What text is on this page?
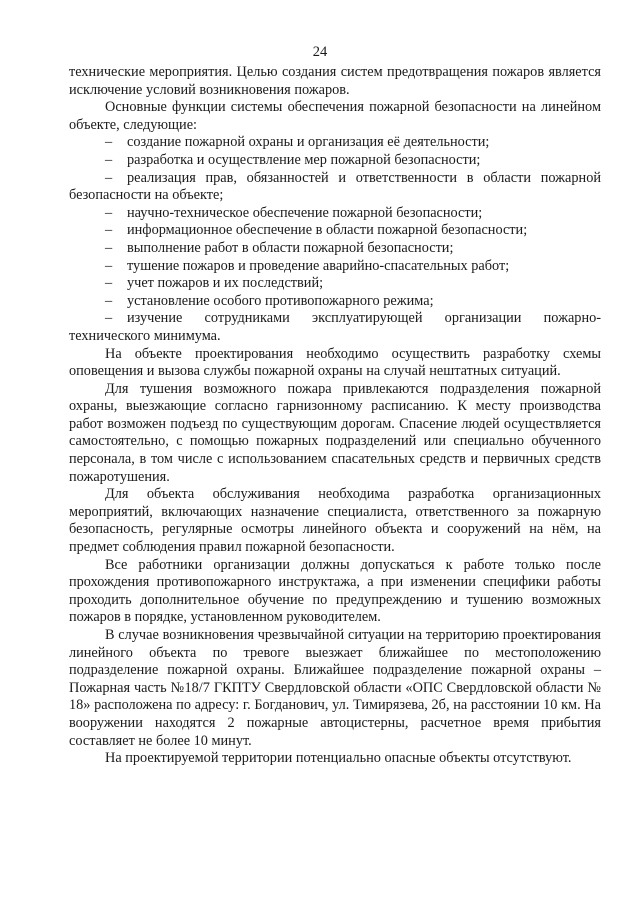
24

технические мероприятия. Целью создания систем предотвращения пожаров является исключение условий возникновения пожаров.

Основные функции системы обеспечения пожарной безопасности на линейном объекте, следующие:

– создание пожарной охраны и организация её деятельности;
– разработка и осуществление мер пожарной безопасности;
– реализация прав, обязанностей и ответственности в области пожарной безопасности на объекте;
– научно-техническое обеспечение пожарной безопасности;
– информационное обеспечение в области пожарной безопасности;
– выполнение работ в области пожарной безопасности;
– тушение пожаров и проведение аварийно-спасательных работ;
– учет пожаров и их последствий;
– установление особого противопожарного режима;
– изучение сотрудниками эксплуатирующей организации пожарно-технического минимума.

На объекте проектирования необходимо осуществить разработку схемы оповещения и вызова службы пожарной охраны на случай нештатных ситуаций.

Для тушения возможного пожара привлекаются подразделения пожарной охраны, выезжающие согласно гарнизонному расписанию. К месту производства работ возможен подъезд по существующим дорогам. Спасение людей осуществляется самостоятельно, с помощью пожарных подразделений или специально обученного персонала, в том числе с использованием спасательных средств и первичных средств пожаротушения.

Для объекта обслуживания необходима разработка организационных мероприятий, включающих назначение специалиста, ответственного за пожарную безопасность, регулярные осмотры линейного объекта и сооружений на нём, на предмет соблюдения правил пожарной безопасности.

Все работники организации должны допускаться к работе только после прохождения противопожарного инструктажа, а при изменении специфики работы проходить дополнительное обучение по предупреждению и тушению возможных пожаров в порядке, установленном руководителем.

В случае возникновения чрезвычайной ситуации на территорию проектирования линейного объекта по тревоге выезжает ближайшее по местоположению подразделение пожарной охраны. Ближайшее подразделение пожарной охраны – Пожарная часть №18/7 ГКПТУ Свердловской области «ОПС Свердловской области № 18» расположена по адресу: г. Богданович, ул. Тимирязева, 2б, на расстоянии 10 км. На вооружении находятся 2 пожарные автоцистерны, расчетное время прибытия составляет не более 10 минут.

На проектируемой территории потенциально опасные объекты отсутствуют.
